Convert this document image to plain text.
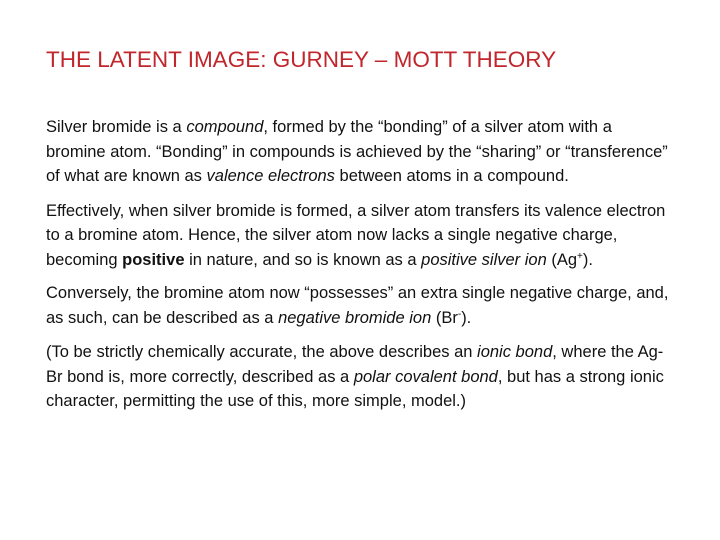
THE LATENT IMAGE: GURNEY – MOTT THEORY

Silver bromide is a compound, formed by the “bonding” of a silver atom with a bromine atom. “Bonding” in compounds is achieved by the “sharing” or “transference” of what are known as valence electrons between atoms in a compound.

Effectively, when silver bromide is formed, a silver atom transfers its valence electron to a bromine atom. Hence, the silver atom now lacks a single negative charge, becoming positive in nature, and so is known as a positive silver ion (Ag+).

Conversely, the bromine atom now “possesses” an extra single negative charge, and, as such, can be described as a negative bromide ion (Br-).

(To be strictly chemically accurate, the above describes an ionic bond, where the Ag-Br bond is, more correctly, described as a polar covalent bond, but has a strong ionic character, permitting the use of this, more simple, model.)
